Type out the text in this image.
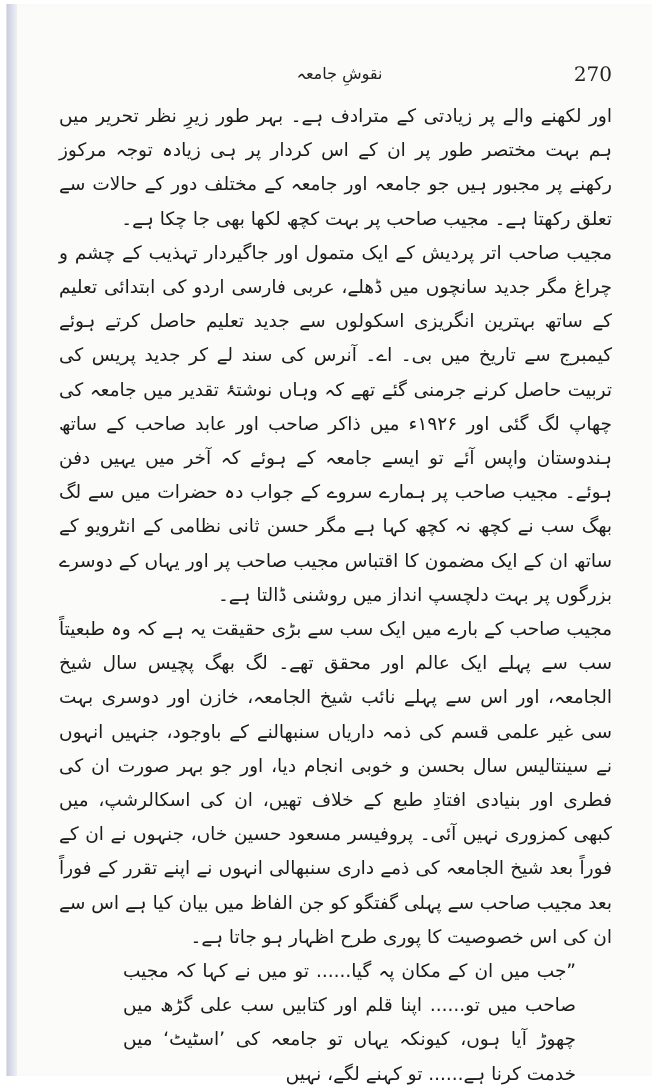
نقوشِ جامعہ	270

اور لکھنے والے پر زیادتی کے مترادف ہے۔ بہر طور زیرِ نظر تحریر میں ہم بہت مختصر طور پر ان کے اس کردار پر ہی زیادہ توجہ مرکوز رکھنے پر مجبور ہیں جو جامعہ اور جامعہ کے مختلف دور کے حالات سے تعلق رکھتا ہے۔ مجیب صاحب پر بہت کچھ لکھا بھی جا چکا ہے۔

مجیب صاحب اتر پردیش کے ایک متمول اور جاگیردار تہذیب کے چشم و چراغ مگر جدید سانچوں میں ڈھلے، عربی فارسی اردو کی ابتدائی تعلیم کے ساتھ بہترین انگریزی اسکولوں سے جدید تعلیم حاصل کرتے ہوئے کیمبرج سے تاریخ میں بی۔ اے۔ آنرس کی سند لے کر جدید پریس کی تربیت حاصل کرنے جرمنی گئے تھے کہ وہاں نوشتۂ تقدیر میں جامعہ کی چھاپ لگ گئی اور ۱۹۲۶ء میں ذاکر صاحب اور عابد صاحب کے ساتھ ہندوستان واپس آئے تو ایسے جامعہ کے ہوئے کہ آخر میں یہیں دفن ہوئے۔ مجیب صاحب پر ہمارے سروے کے جواب دہ حضرات میں سے لگ بھگ سب نے کچھ نہ کچھ کہا ہے مگر حسن ثانی نظامی کے انٹرویو کے ساتھ ان کے ایک مضمون کا اقتباس مجیب صاحب پر اور یہاں کے دوسرے بزرگوں پر بہت دلچسپ انداز میں روشنی ڈالتا ہے۔

مجیب صاحب کے بارے میں ایک سب سے بڑی حقیقت یہ ہے کہ وہ طبعیتاً سب سے پہلے ایک عالم اور محقق تھے۔ لگ بھگ پچیس سال شیخ الجامعہ، اور اس سے پہلے نائب شیخ الجامعہ، خازن اور دوسری بہت سی غیر علمی قسم کی ذمہ داریاں سنبھالنے کے باوجود، جنہیں انہوں نے سینتالیس سال بحسن و خوبی انجام دیا، اور جو بہر صورت ان کی فطری اور بنیادی افتادِ طبع کے خلاف تھیں، ان کی اسکالرشپ، میں کبھی کمزوری نہیں آئی۔ پروفیسر مسعود حسین خاں، جنہوں نے ان کے فوراً بعد شیخ الجامعہ کی ذمے داری سنبھالی انہوں نے اپنے تقرر کے فوراً بعد مجیب صاحب سے پہلی گفتگو کو جن الفاظ میں بیان کیا ہے اس سے ان کی اس خصوصیت کا پوری طرح اظہار ہو جاتا ہے۔

”جب میں ان کے مکان پہ گیا...... تو میں نے کہا کہ مجیب صاحب میں تو...... اپنا قلم اور کتابیں سب علی گڑھ میں چھوڑ آیا ہوں، کیونکہ یہاں تو جامعہ کی ’اسٹیٹ‘ میں خدمت کرنا ہے...... تو کہنے لگے، نہیں
